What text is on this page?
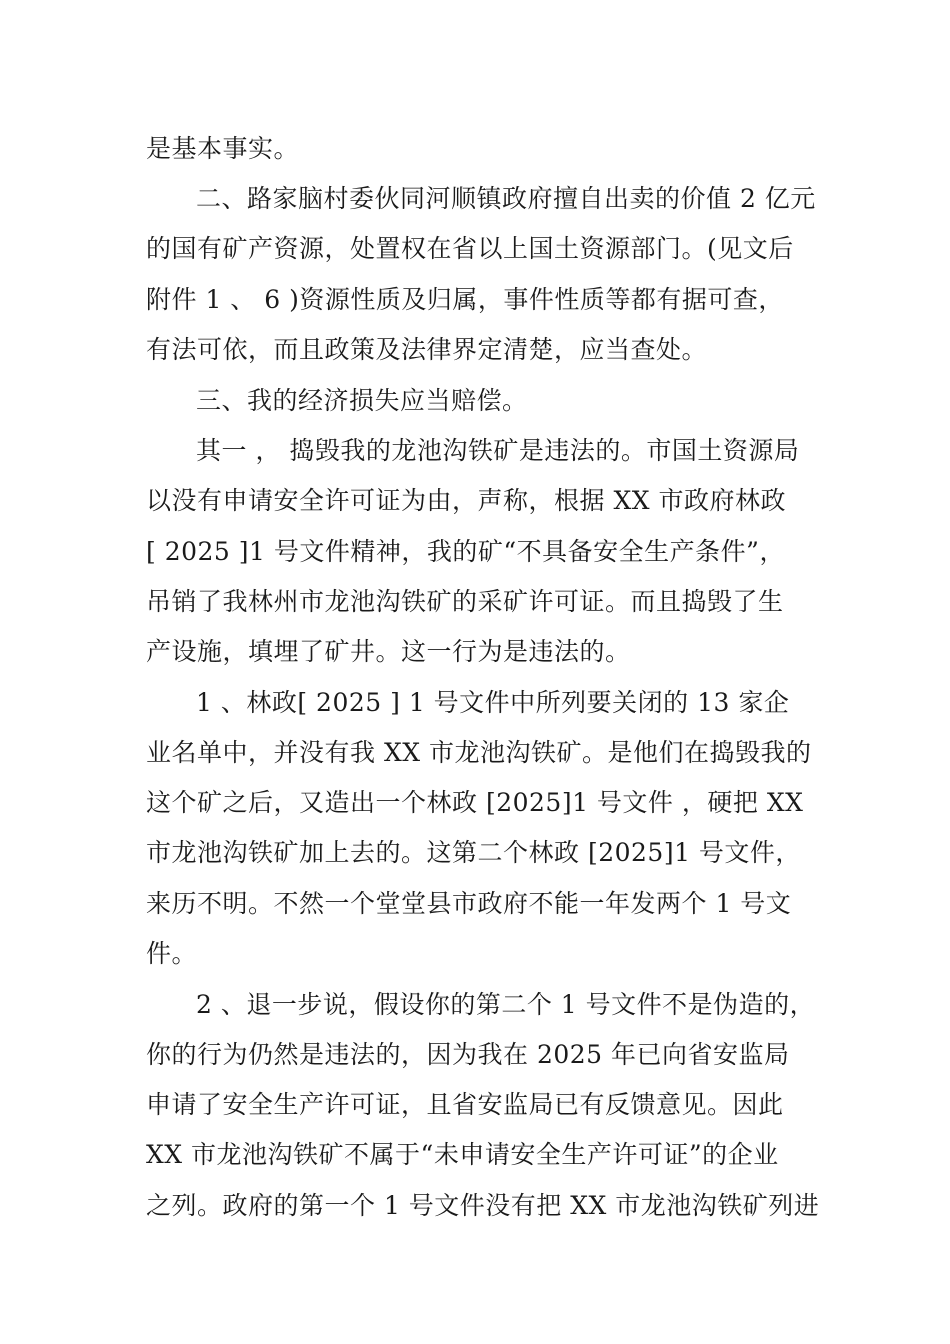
是基本事实。
二、路家脑村委伙同河顺镇政府擅自出卖的价值 2 亿元
的国有矿产资源，处置权在省以上国土资源部门。(见文后
附件 1 、 6 )资源性质及归属，事件性质等都有据可查，
有法可依，而且政策及法律界定清楚，应当查处。
三、我的经济损失应当赔偿。
其一 ， 捣毁我的龙池沟铁矿是违法的。市国土资源局
以没有申请安全许可证为由，声称，根据 XX 市政府林政
[ 2025 ]1 号文件精神，我的矿“不具备安全生产条件”，
吊销了我林州市龙池沟铁矿的采矿许可证。而且捣毁了生
产设施，填埋了矿井。这一行为是违法的。
1 、林政[ 2025 ] 1 号文件中所列要关闭的 13 家企
业名单中，并没有我 XX 市龙池沟铁矿。是他们在捣毁我的
这个矿之后，又造出一个林政 [2025]1 号文件 ，硬把 XX
市龙池沟铁矿加上去的。这第二个林政 [2025]1 号文件，
来历不明。不然一个堂堂县市政府不能一年发两个 1 号文
件。
2 、退一步说，假设你的第二个 1 号文件不是伪造的，
你的行为仍然是违法的，因为我在 2025 年已向省安监局
申请了安全生产许可证，且省安监局已有反馈意见。因此
XX 市龙池沟铁矿不属于“未申请安全生产许可证”的企业
之列。政府的第一个 1 号文件没有把 XX 市龙池沟铁矿列进
